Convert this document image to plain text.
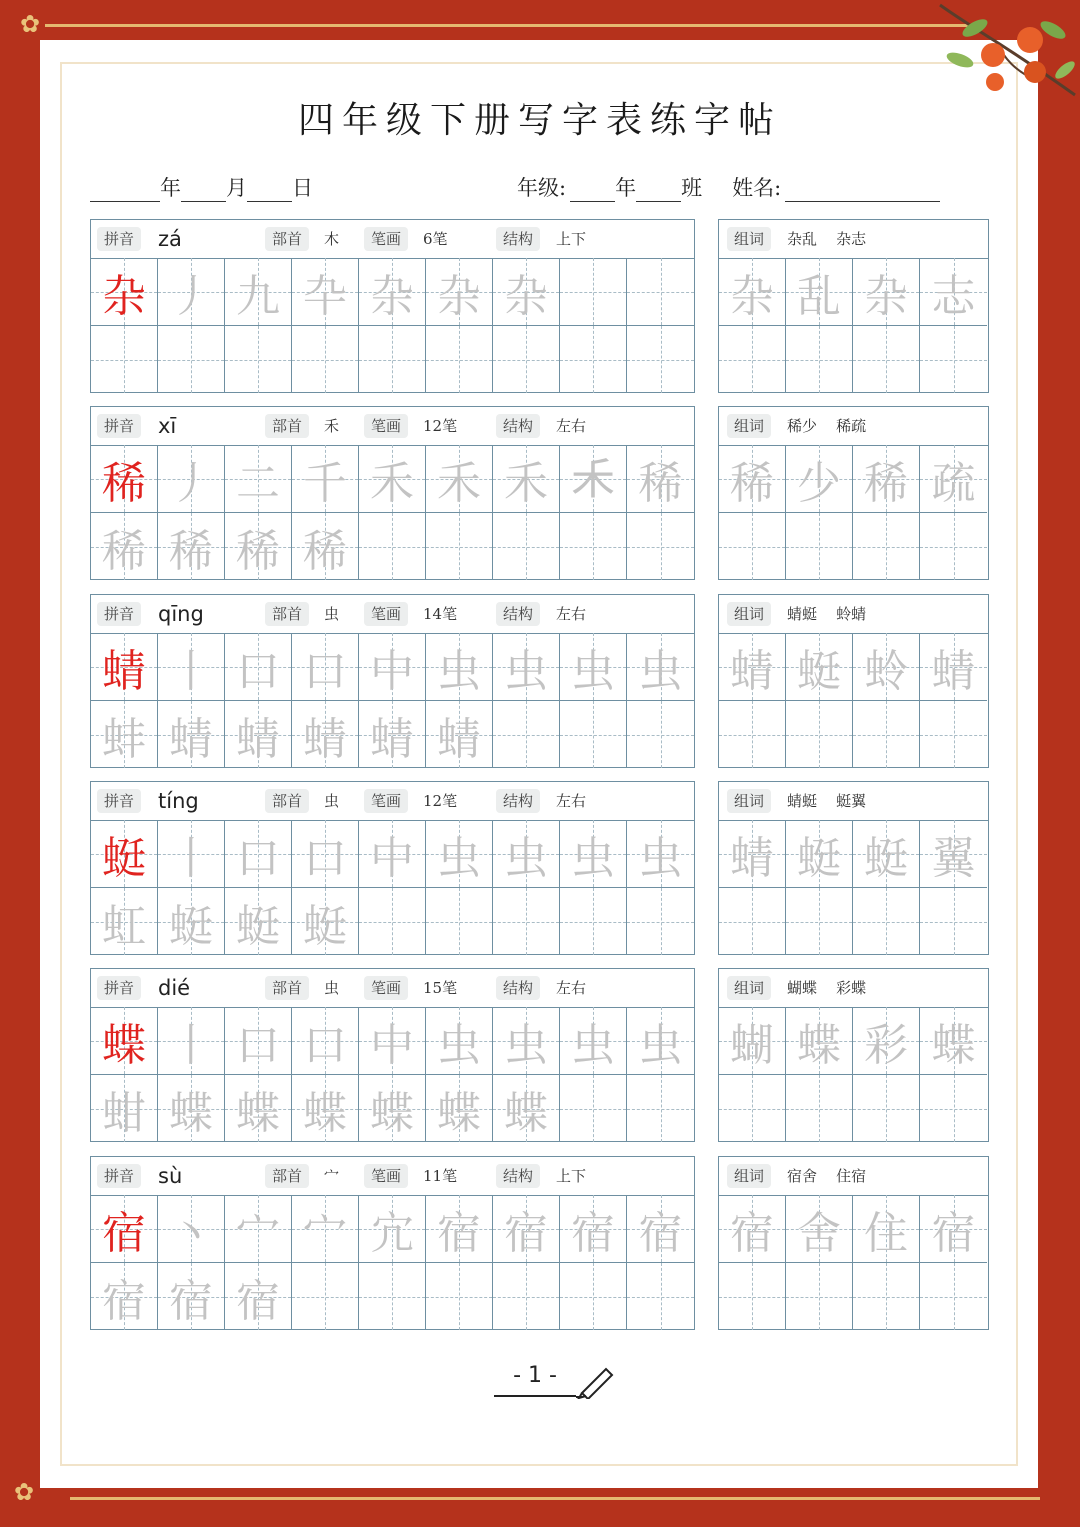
✿
✿
四年级下册写字表练字帖
年 月 日	年级: 年 班 姓名:
拼音	zá	部首	木	笔画	6笔	结构	上下
杂 丿 九 卆 杂 杂 杂
组词	杂乱    杂志
杂 乱 杂 志
拼音	xī	部首	禾	笔画	12笔	结构	左右
稀 丿 二 千 禾 禾 禾 𥝌 稀
稀 稀 稀 稀
组词	稀少    稀疏
稀 少 稀 疏
拼音	qīng	部首	虫	笔画	14笔	结构	左右
蜻 丨 口 口 中 虫 虫 虫 虫
蚌 蜻 蜻 蜻 蜻 蜻
组词	蜻蜓    蛉蜻
蜻 蜓 蛉 蜻
拼音	tíng	部首	虫	笔画	12笔	结构	左右
蜓 丨 口 口 中 虫 虫 虫 虫
虹 蜓 蜓 蜓
组词	蜻蜓    蜓翼
蜻 蜓 蜓 翼
拼音	dié	部首	虫	笔画	15笔	结构	左右
蝶 丨 口 口 中 虫 虫 虫 虫
蚶 蝶 蝶 蝶 蝶 蝶 蝶
组词	蝴蝶    彩蝶
蝴 蝶 彩 蝶
拼音	sù	部首	宀	笔画	11笔	结构	上下
宿 丶 宀 宀 宂 宿 宿 宿 宿
宿 宿 宿
组词	宿舍    住宿
宿 舍 住 宿
- 1 -
